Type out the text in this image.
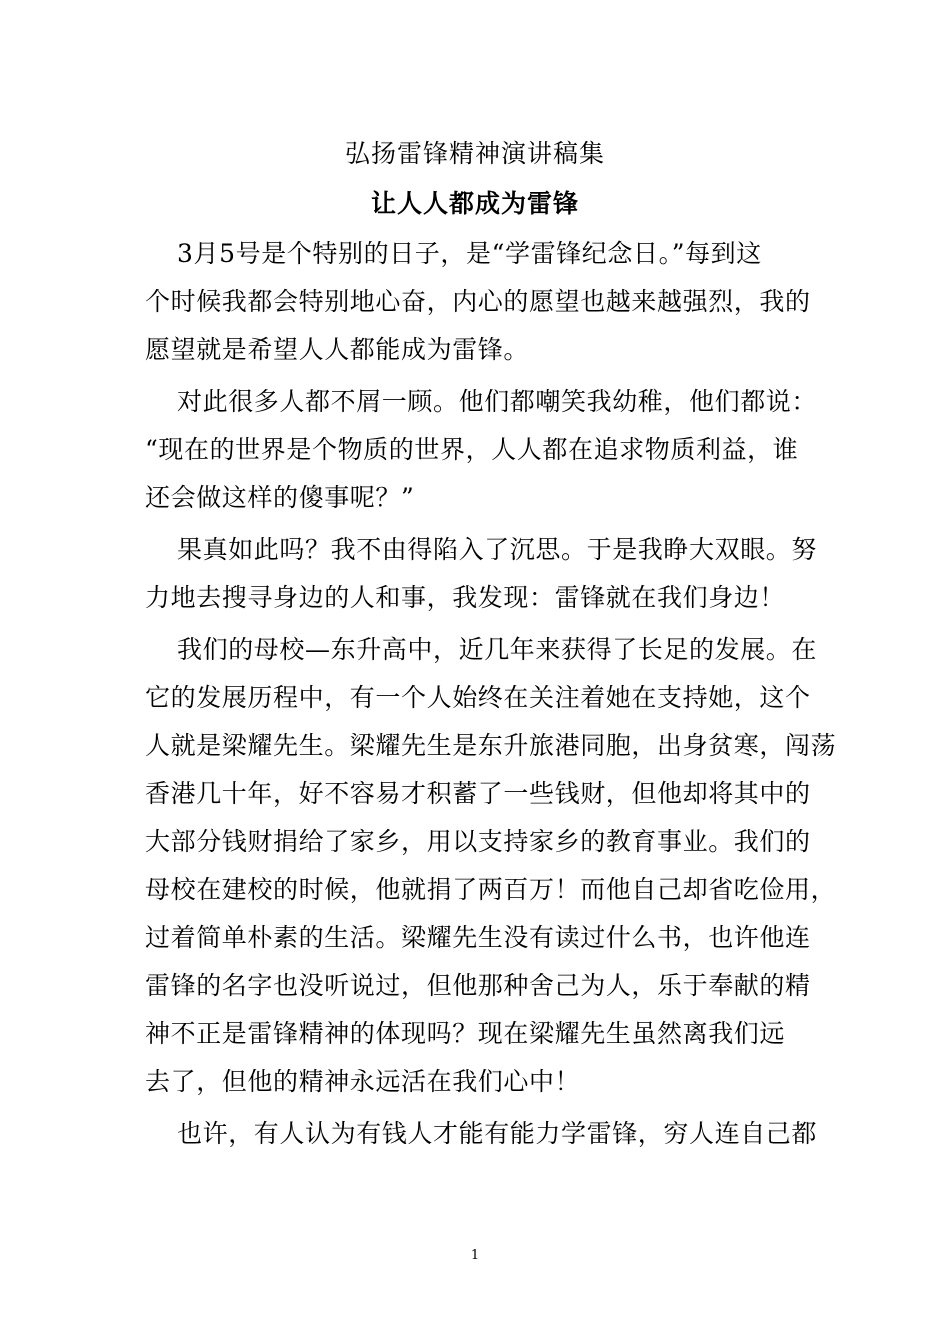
弘扬雷锋精神演讲稿集
让人人都成为雷锋
3月5号是个特别的日子，是“学雷锋纪念日。”每到这
个时候我都会特别地心奋，内心的愿望也越来越强烈，我的
愿望就是希望人人都能成为雷锋。
对此很多人都不屑一顾。他们都嘲笑我幼稚，他们都说：
“现在的世界是个物质的世界，人人都在追求物质利益，谁
还会做这样的傻事呢？”
果真如此吗？我不由得陷入了沉思。于是我睁大双眼。努
力地去搜寻身边的人和事，我发现：雷锋就在我们身边！
我们的母校—东升高中，近几年来获得了长足的发展。在
它的发展历程中，有一个人始终在关注着她在支持她，这个
人就是梁耀先生。梁耀先生是东升旅港同胞，出身贫寒，闯荡
香港几十年，好不容易才积蓄了一些钱财，但他却将其中的
大部分钱财捐给了家乡，用以支持家乡的教育事业。我们的
母校在建校的时候，他就捐了两百万！而他自己却省吃俭用，
过着简单朴素的生活。梁耀先生没有读过什么书，也许他连
雷锋的名字也没听说过，但他那种舍己为人，乐于奉献的精
神不正是雷锋精神的体现吗？现在梁耀先生虽然离我们远
去了，但他的精神永远活在我们心中！
也许，有人认为有钱人才能有能力学雷锋，穷人连自己都
1
